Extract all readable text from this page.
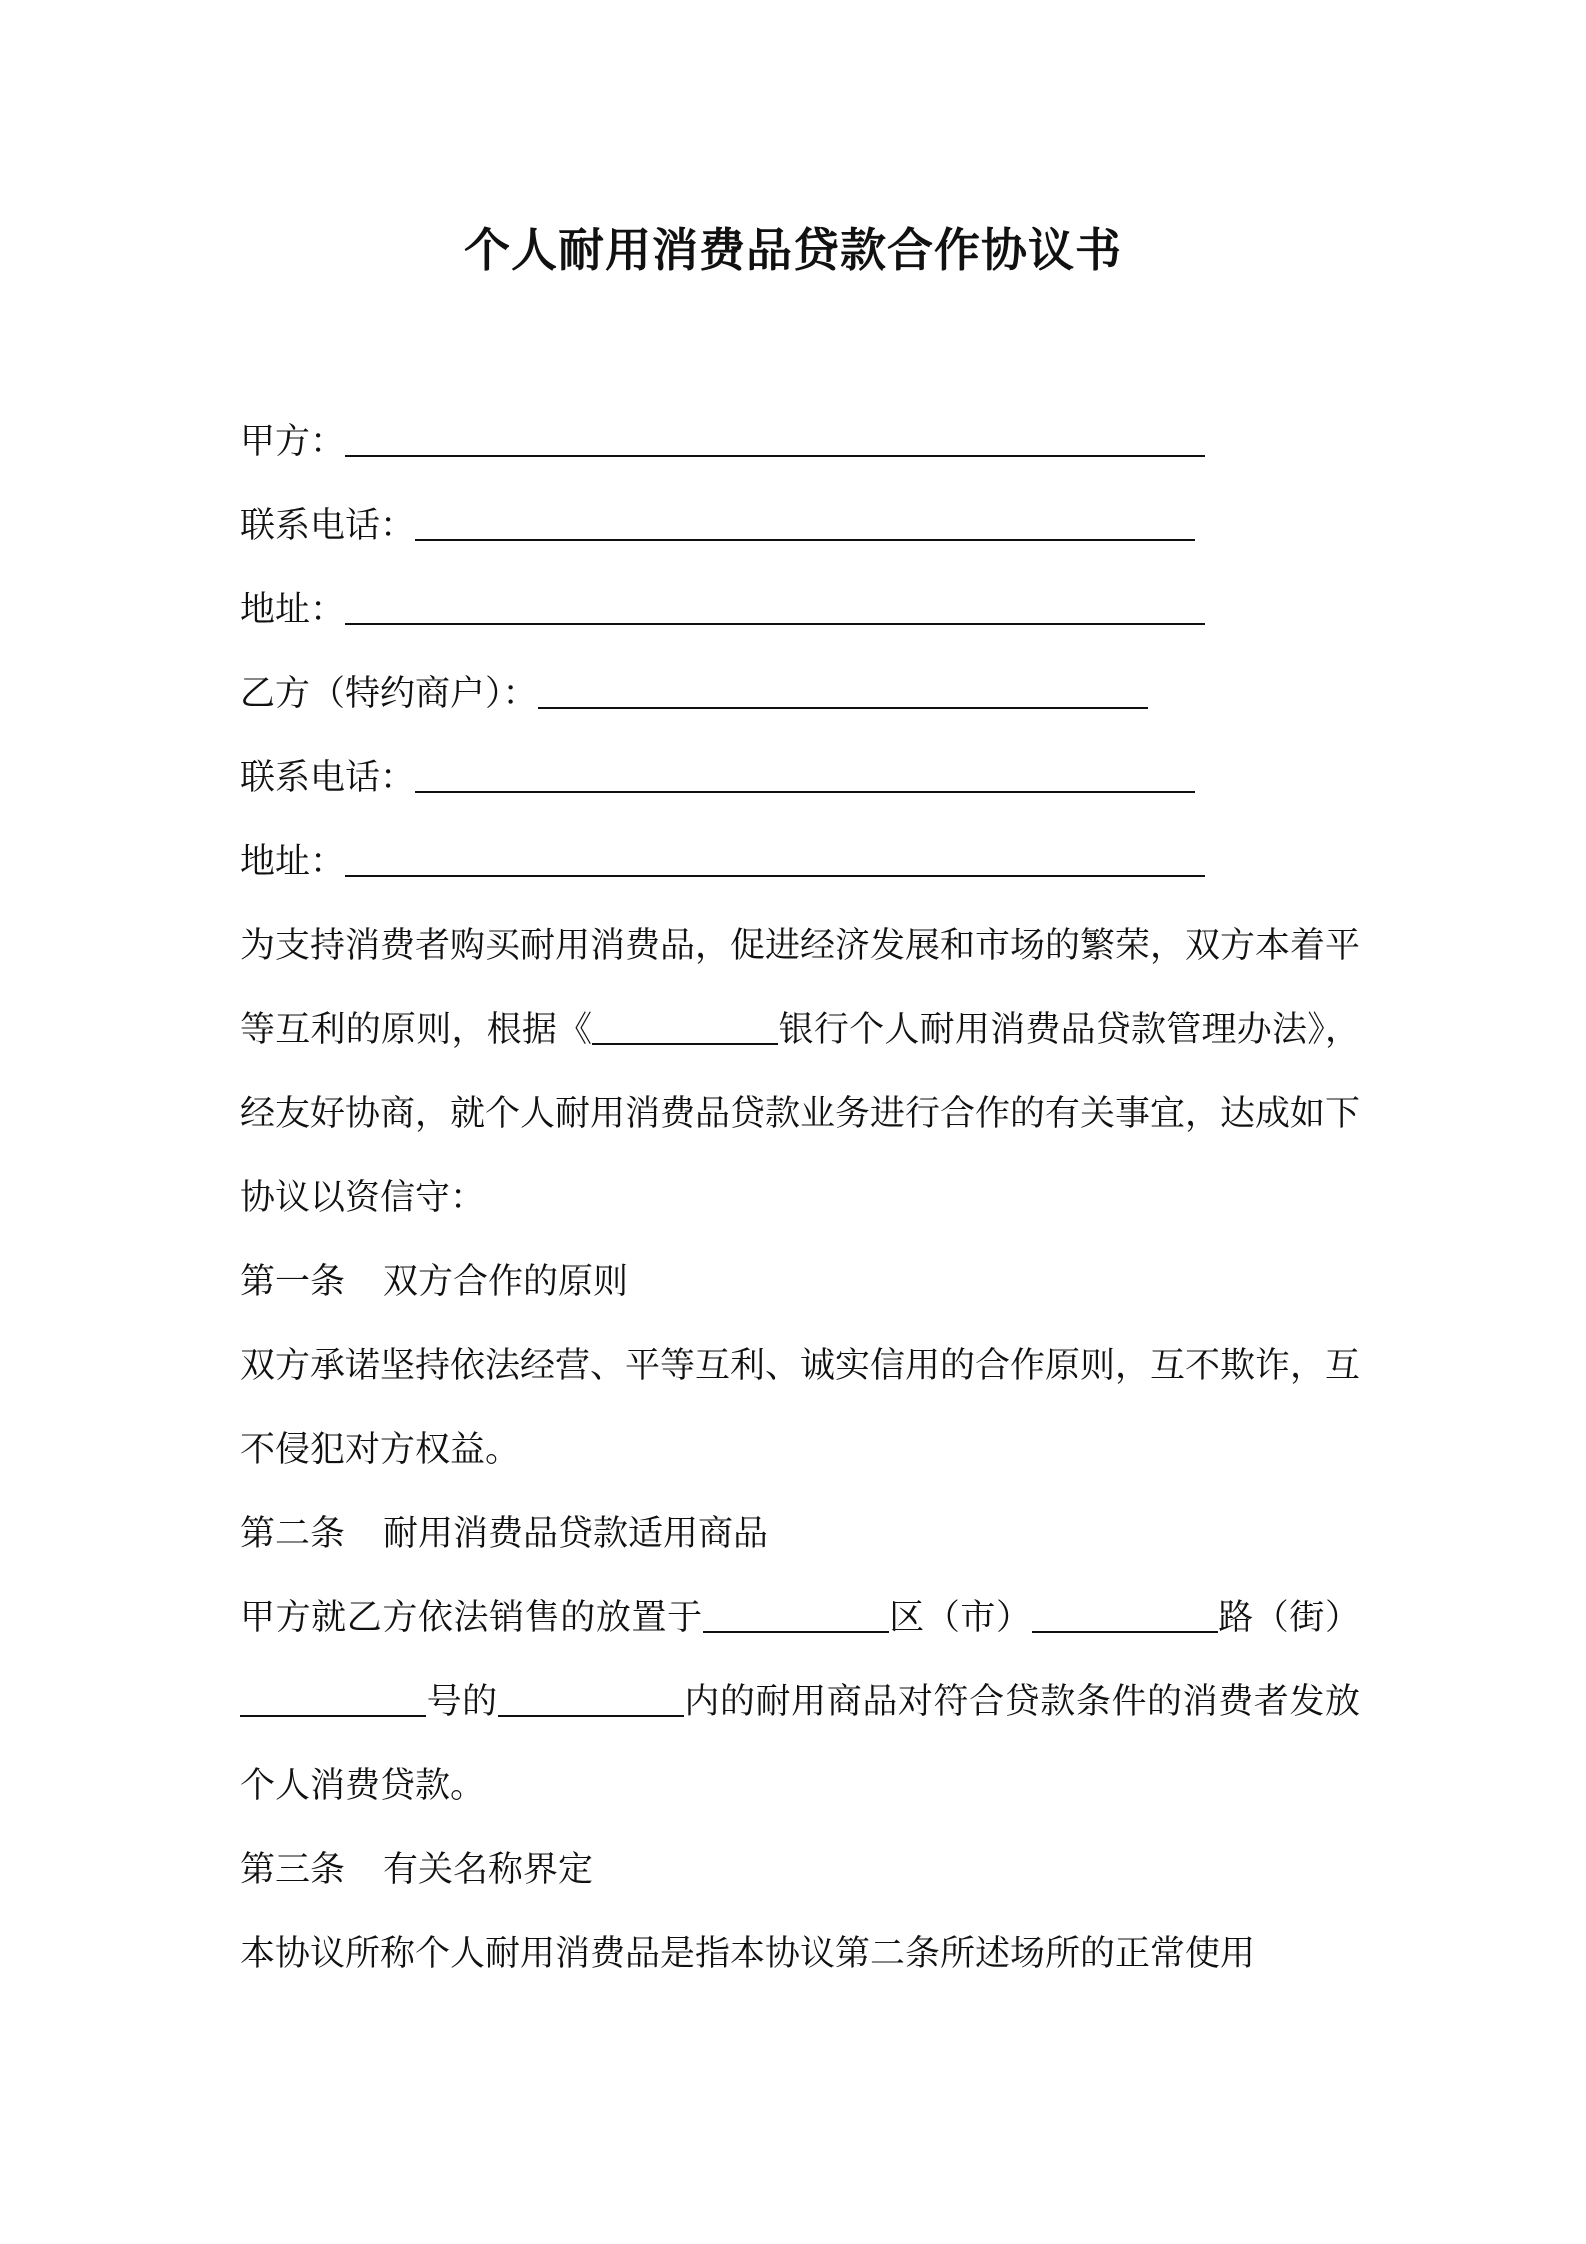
个人耐用消费品贷款合作协议书
甲方：
联系电话：
地址：
乙方（特约商户）：
联系电话：
地址：
为支持消费者购买耐用消费品，促进经济发展和市场的繁荣，双方本着平等互利的原则，根据《	银行个人耐用消费品贷款管理办法》，经友好协商，就个人耐用消费品贷款业务进行合作的有关事宜，达成如下协议以资信守：
第一条 双方合作的原则
双方承诺坚持依法经营、平等互利、诚实信用的合作原则，互不欺诈，互不侵犯对方权益。
第二条 耐用消费品贷款适用商品
甲方就乙方依法销售的放置于	区（市）	路（街）号的	内的耐用商品对符合贷款条件的消费者发放个人消费贷款。
第三条 有关名称界定
本协议所称个人耐用消费品是指本协议第二条所述场所的正常使用
